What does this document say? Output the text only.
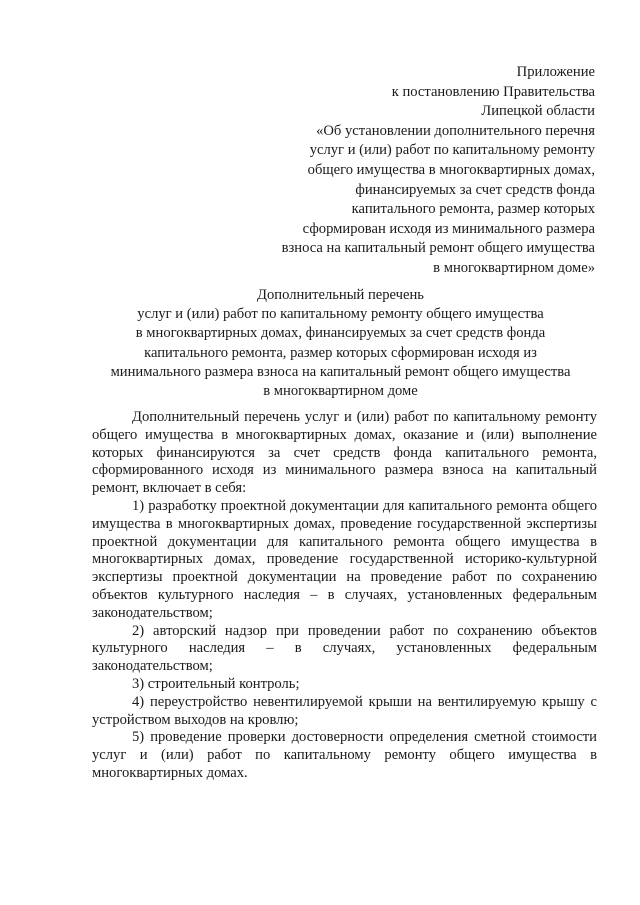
Приложение
к постановлению Правительства
Липецкой области
«Об установлении дополнительного перечня
услуг и (или) работ по капитальному ремонту
общего имущества в многоквартирных домах,
финансируемых за счет средств фонда
капитального ремонта, размер которых
сформирован исходя из минимального размера
взноса на капитальный ремонт общего имущества
в многоквартирном доме»
Дополнительный перечень
услуг и (или) работ по капитальному ремонту общего имущества
в многоквартирных домах, финансируемых за счет средств фонда
капитального ремонта, размер которых сформирован исходя из
минимального размера взноса на капитальный ремонт общего имущества
в многоквартирном доме

Дополнительный перечень услуг и (или) работ по капитальному ремонту общего имущества в многоквартирных домах, оказание и (или) выполнение которых финансируются за счет средств фонда капитального ремонта, сформированного исходя из минимального размера взноса на капитальный ремонт, включает в себя:

1) разработку проектной документации для капитального ремонта общего имущества в многоквартирных домах, проведение государственной экспертизы проектной документации для капитального ремонта общего имущества в многоквартирных домах, проведение государственной историко-культурной экспертизы проектной документации на проведение работ по сохранению объектов культурного наследия – в случаях, установленных федеральным законодательством;

2) авторский надзор при проведении работ по сохранению объектов культурного наследия – в случаях, установленных федеральным законодательством;

3) строительный контроль;

4) переустройство невентилируемой крыши на вентилируемую крышу с устройством выходов на кровлю;

5) проведение проверки достоверности определения сметной стоимости услуг и (или) работ по капитальному ремонту общего имущества в многоквартирных домах.
